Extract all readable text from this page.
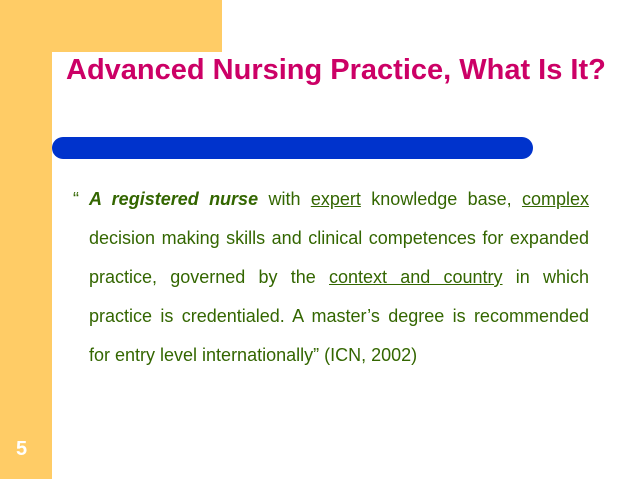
Advanced Nursing Practice, What Is It?
“ A registered nurse with expert knowledge base, complex decision making skills and clinical competences for expanded practice, governed by the context and country in which practice is credentialed. A master’s degree is recommended for entry level internationally” (ICN, 2002)

5
